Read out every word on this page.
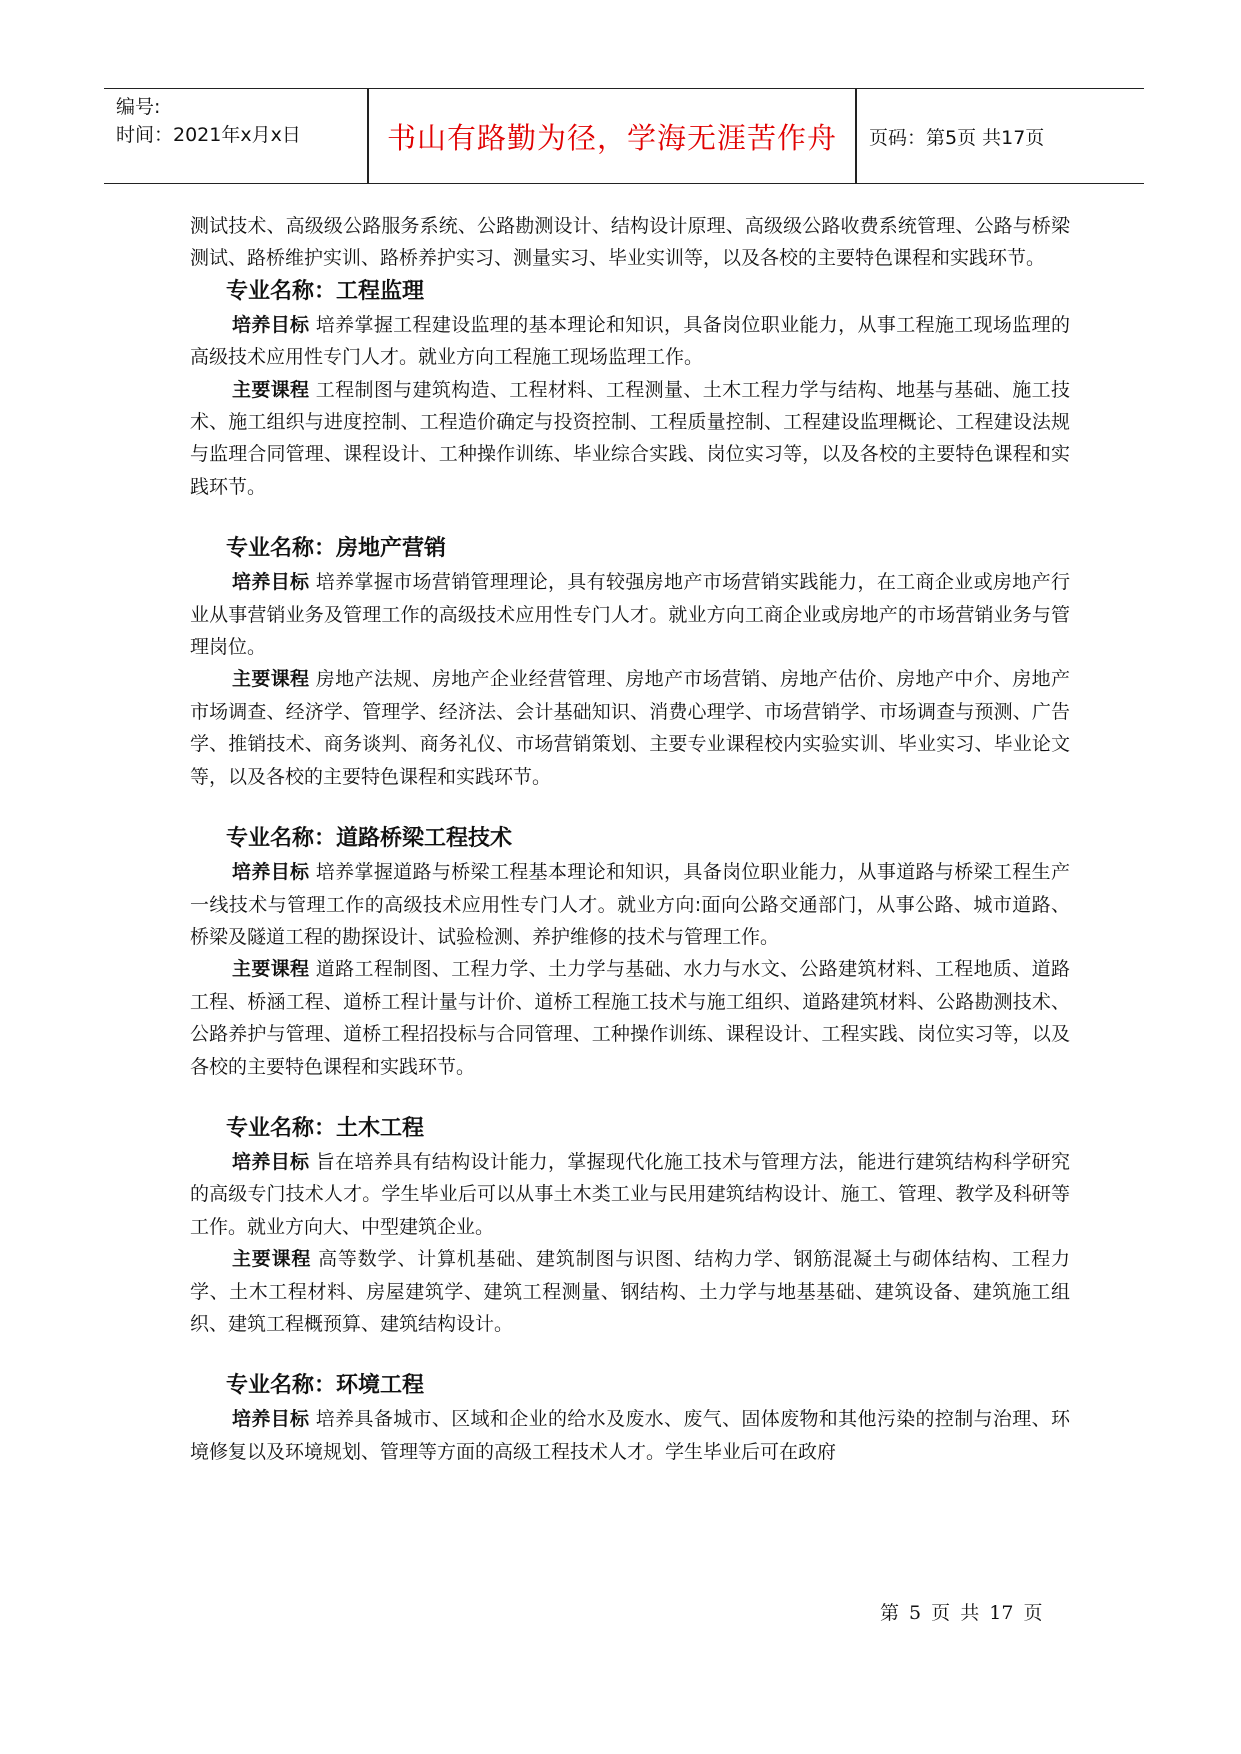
编号:
时间：2021年x月x日	书山有路勤为径，学海无涯苦作舟	页码：第5页 共17页

测试技术、高级级公路服务系统、公路勘测设计、结构设计原理、高级级公路收费系统管理、公路与桥梁测试、路桥维护实训、路桥养护实习、测量实习、毕业实训等，以及各校的主要特色课程和实践环节。

专业名称：工程监理

培养目标 培养掌握工程建设监理的基本理论和知识，具备岗位职业能力，从事工程施工现场监理的高级技术应用性专门人才。就业方向工程施工现场监理工作。

主要课程 工程制图与建筑构造、工程材料、工程测量、土木工程力学与结构、地基与基础、施工技术、施工组织与进度控制、工程造价确定与投资控制、工程质量控制、工程建设监理概论、工程建设法规与监理合同管理、课程设计、工种操作训练、毕业综合实践、岗位实习等，以及各校的主要特色课程和实践环节。

专业名称：房地产营销

培养目标 培养掌握市场营销管理理论，具有较强房地产市场营销实践能力，在工商企业或房地产行业从事营销业务及管理工作的高级技术应用性专门人才。就业方向工商企业或房地产的市场营销业务与管理岗位。

主要课程 房地产法规、房地产企业经营管理、房地产市场营销、房地产估价、房地产中介、房地产市场调查、经济学、管理学、经济法、会计基础知识、消费心理学、市场营销学、市场调查与预测、广告学、推销技术、商务谈判、商务礼仪、市场营销策划、主要专业课程校内实验实训、毕业实习、毕业论文等，以及各校的主要特色课程和实践环节。

专业名称：道路桥梁工程技术

培养目标 培养掌握道路与桥梁工程基本理论和知识，具备岗位职业能力，从事道路与桥梁工程生产一线技术与管理工作的高级技术应用性专门人才。就业方向:面向公路交通部门，从事公路、城市道路、桥梁及隧道工程的勘探设计、试验检测、养护维修的技术与管理工作。

主要课程 道路工程制图、工程力学、土力学与基础、水力与水文、公路建筑材料、工程地质、道路工程、桥涵工程、道桥工程计量与计价、道桥工程施工技术与施工组织、道路建筑材料、公路勘测技术、公路养护与管理、道桥工程招投标与合同管理、工种操作训练、课程设计、工程实践、岗位实习等，以及各校的主要特色课程和实践环节。

专业名称：土木工程

培养目标 旨在培养具有结构设计能力，掌握现代化施工技术与管理方法，能进行建筑结构科学研究的高级专门技术人才。学生毕业后可以从事土木类工业与民用建筑结构设计、施工、管理、教学及科研等工作。就业方向大、中型建筑企业。

主要课程 高等数学、计算机基础、建筑制图与识图、结构力学、钢筋混凝土与砌体结构、工程力学、土木工程材料、房屋建筑学、建筑工程测量、钢结构、土力学与地基基础、建筑设备、建筑施工组织、建筑工程概预算、建筑结构设计。

专业名称：环境工程

培养目标 培养具备城市、区域和企业的给水及废水、废气、固体废物和其他污染的控制与治理、环境修复以及环境规划、管理等方面的高级工程技术人才。学生毕业后可在政府

第 5 页 共 17 页
